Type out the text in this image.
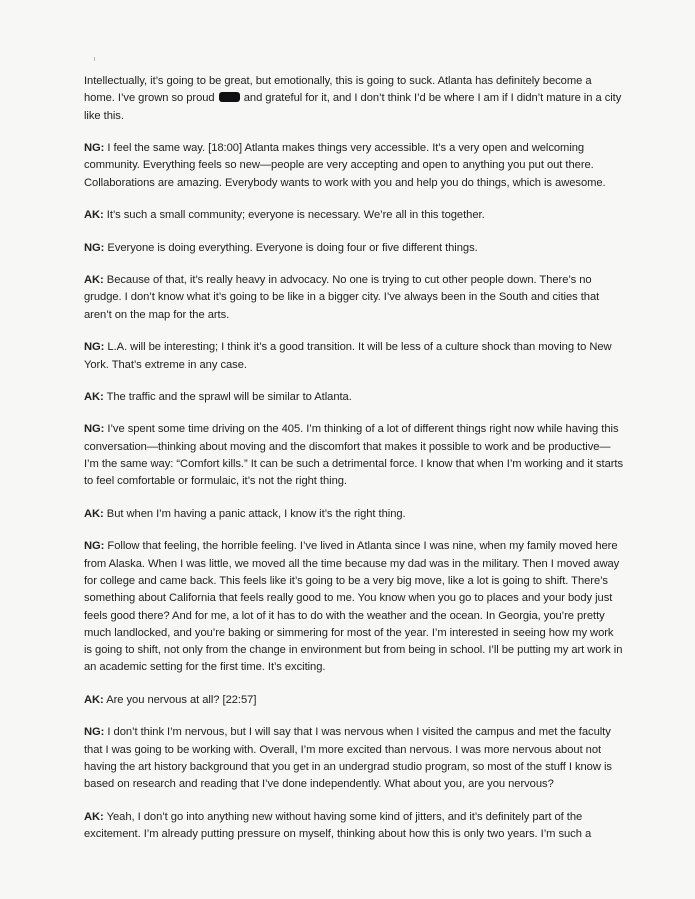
Intellectually, it’s going to be great, but emotionally, this is going to suck. Atlanta has definitely become a home. I’ve grown so proud	and grateful for it, and I don’t think I’d be where I am if I didn’t mature in a city like this.

NG: I feel the same way. [18:00] Atlanta makes things very accessible. It’s a very open and welcoming community. Everything feels so new—people are very accepting and open to anything you put out there. Collaborations are amazing. Everybody wants to work with you and help you do things, which is awesome.

AK: It’s such a small community; everyone is necessary. We’re all in this together.

NG: Everyone is doing everything. Everyone is doing four or five different things.

AK: Because of that, it’s really heavy in advocacy. No one is trying to cut other people down. There’s no grudge. I don’t know what it’s going to be like in a bigger city. I’ve always been in the South and cities that aren’t on the map for the arts.

NG: L.A. will be interesting; I think it’s a good transition. It will be less of a culture shock than moving to New York. That’s extreme in any case.

AK: The traffic and the sprawl will be similar to Atlanta.

NG: I’ve spent some time driving on the 405. I’m thinking of a lot of different things right now while having this conversation—thinking about moving and the discomfort that makes it possible to work and be productive—I’m the same way: “Comfort kills.” It can be such a detrimental force. I know that when I’m working and it starts to feel comfortable or formulaic, it’s not the right thing.

AK: But when I’m having a panic attack, I know it’s the right thing.

NG: Follow that feeling, the horrible feeling. I’ve lived in Atlanta since I was nine, when my family moved here from Alaska. When I was little, we moved all the time because my dad was in the military. Then I moved away for college and came back. This feels like it’s going to be a very big move, like a lot is going to shift. There’s something about California that feels really good to me. You know when you go to places and your body just feels good there? And for me, a lot of it has to do with the weather and the ocean. In Georgia, you’re pretty much landlocked, and you’re baking or simmering for most of the year. I’m interested in seeing how my work is going to shift, not only from the change in environment but from being in school. I’ll be putting my art work in an academic setting for the first time. It’s exciting.

AK: Are you nervous at all? [22:57]

NG: I don’t think I’m nervous, but I will say that I was nervous when I visited the campus and met the faculty that I was going to be working with. Overall, I’m more excited than nervous. I was more nervous about not having the art history background that you get in an undergrad studio program, so most of the stuff I know is based on research and reading that I’ve done independently. What about you, are you nervous?

AK: Yeah, I don’t go into anything new without having some kind of jitters, and it’s definitely part of the excitement. I’m already putting pressure on myself, thinking about how this is only two years. I’m such a
